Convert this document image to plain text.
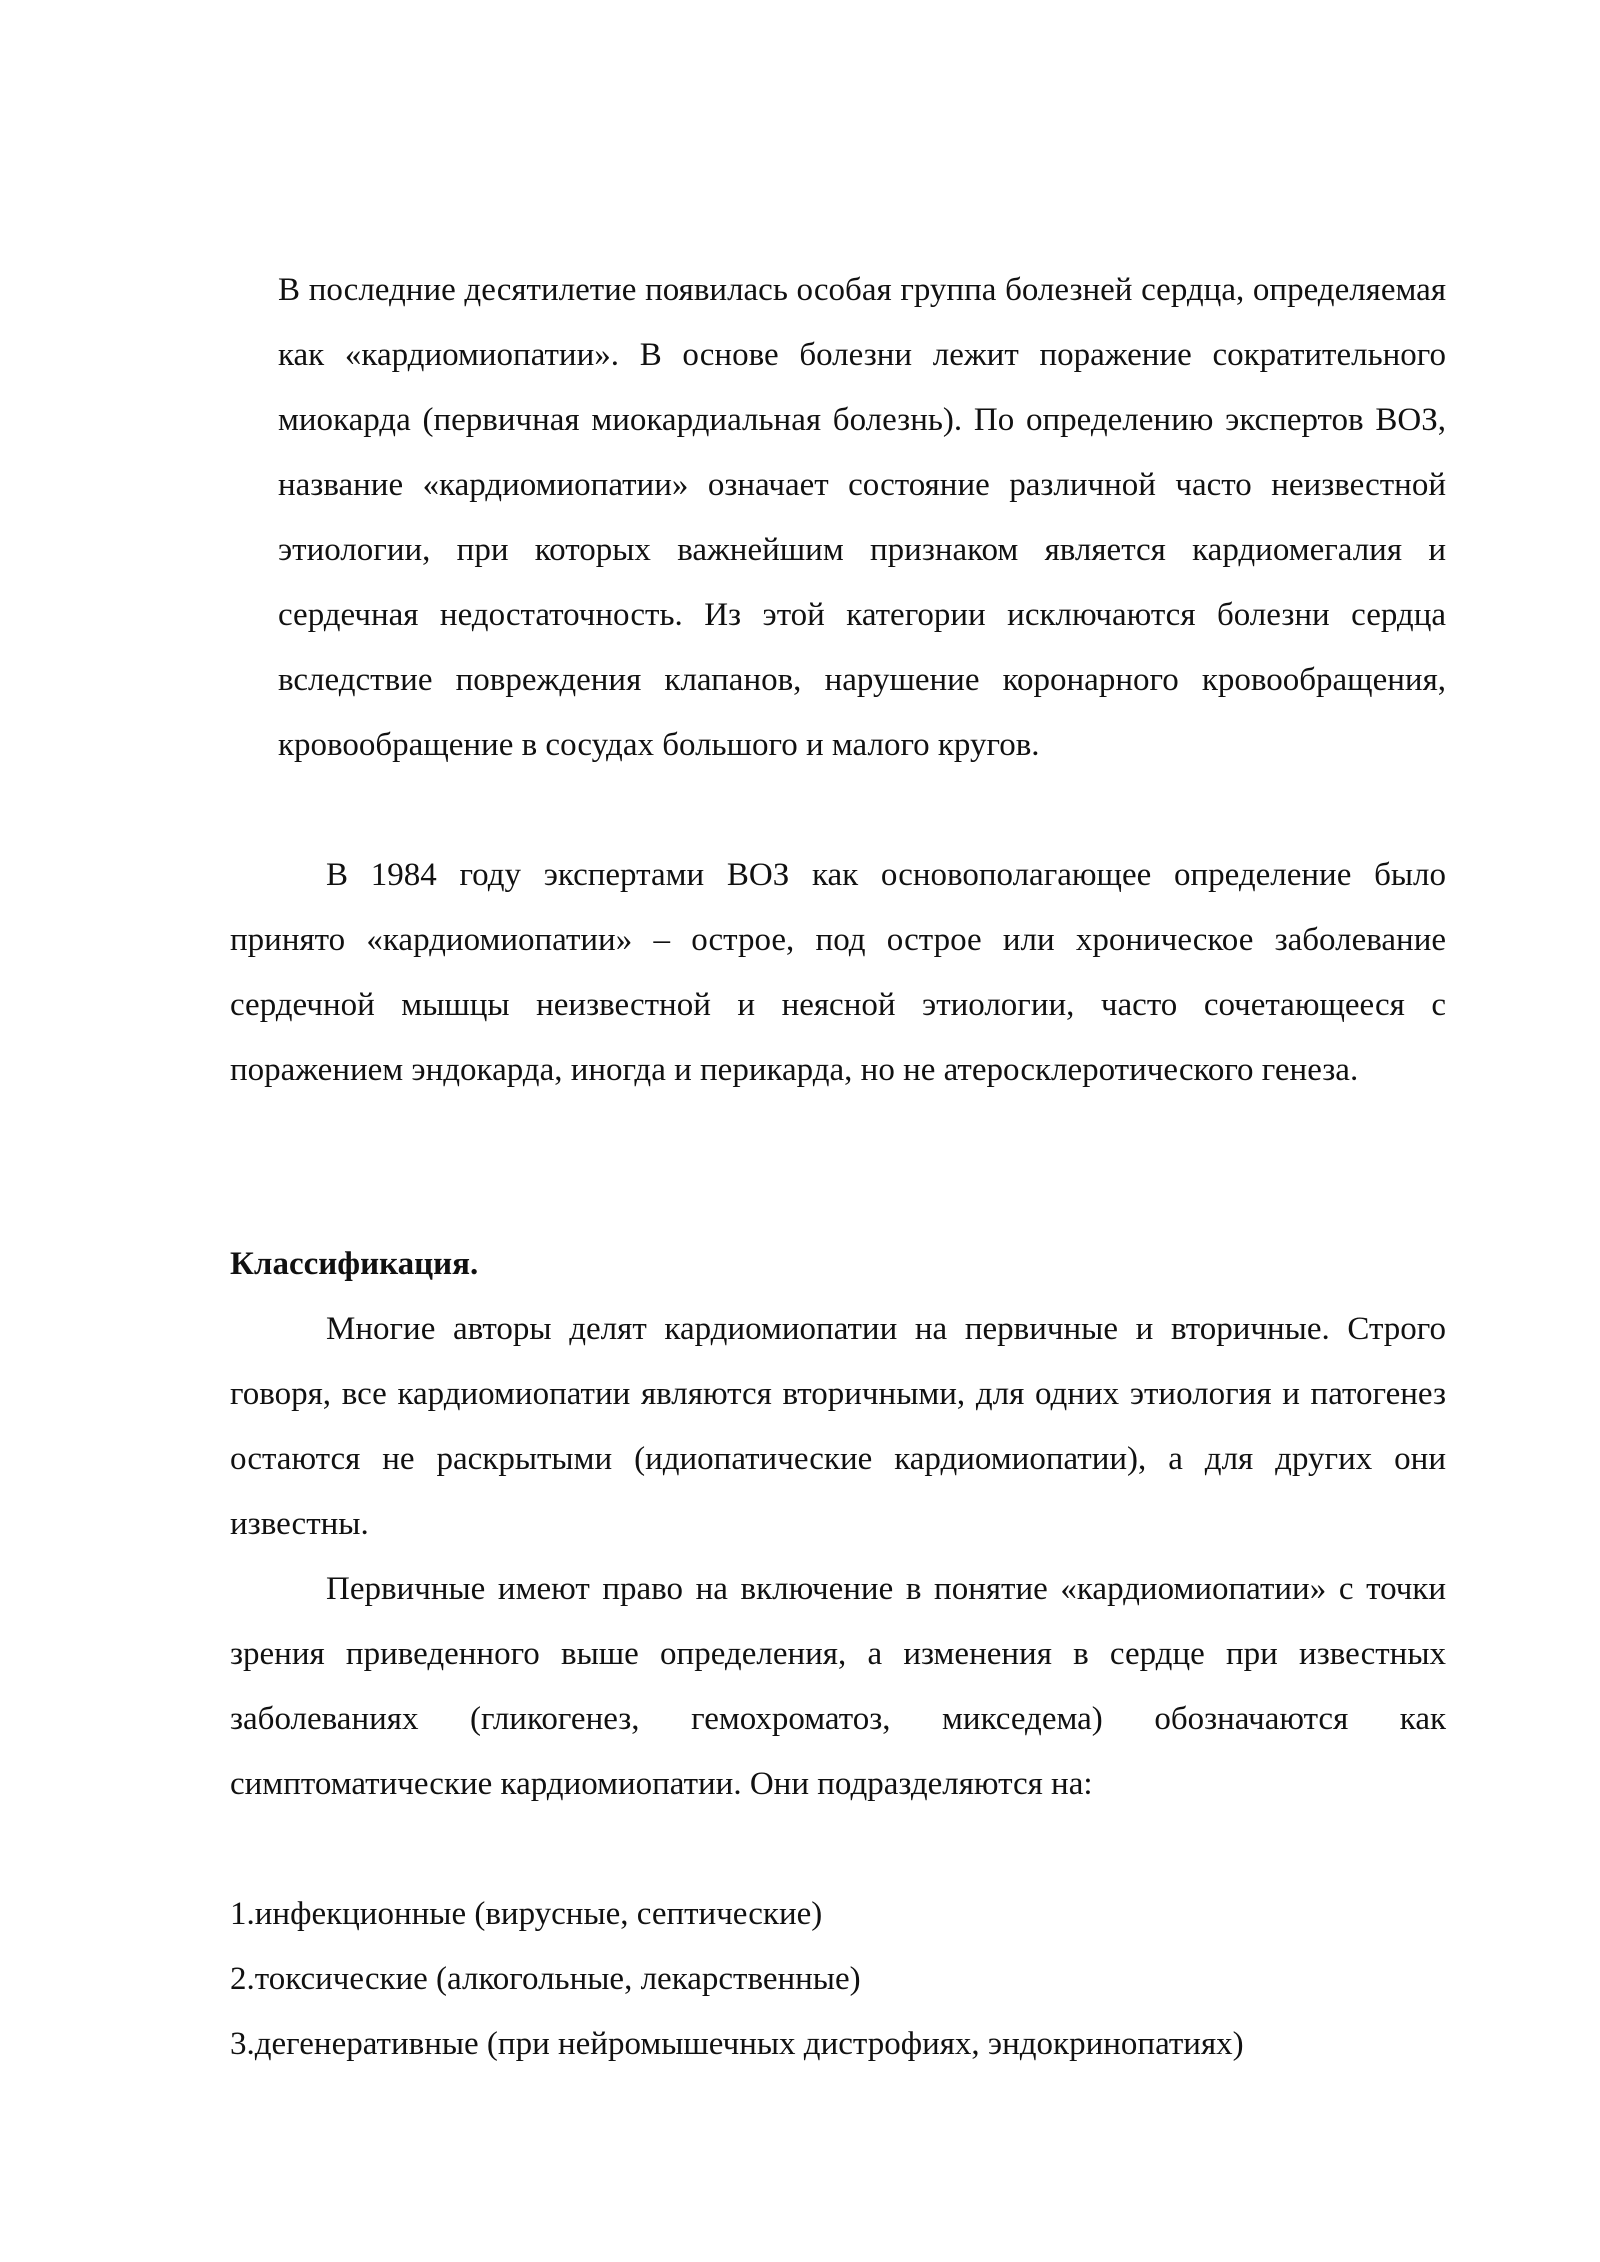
В последние десятилетие появилась особая группа болезней сердца, определяемая как «кардиомиопатии». В основе болезни лежит поражение сократительного миокарда (первичная миокардиальная болезнь). По определению экспертов ВОЗ, название «кардиомиопатии» означает состояние различной часто неизвестной этиологии, при которых важнейшим признаком является кардиомегалия и сердечная недостаточность. Из этой категории исключаются болезни сердца вследствие повреждения клапанов, нарушение коронарного кровообращения, кровообращение в сосудах большого и малого кругов.

В 1984 году экспертами ВОЗ как основополагающее определение было принято «кардиомиопатии» – острое, под острое или хроническое заболевание сердечной мышцы неизвестной и неясной этиологии, часто сочетающееся с поражением эндокарда, иногда и перикарда, но не атеросклеротического генеза.

Классификация.

Многие авторы делят кардиомиопатии на первичные и вторичные. Строго говоря, все кардиомиопатии являются вторичными, для одних этиология и патогенез остаются не раскрытыми (идиопатические кардиомиопатии), а для других они известны.

Первичные имеют право на включение в понятие «кардиомиопатии» с точки зрения приведенного выше определения, а изменения в сердце при известных заболеваниях (гликогенез, гемохроматоз, микседема) обозначаются как симптоматические кардиомиопатии. Они подразделяются на:

1.инфекционные (вирусные, септические)

2.токсические (алкогольные, лекарственные)

3.дегенеративные (при нейромышечных дистрофиях, эндокринопатиях)
